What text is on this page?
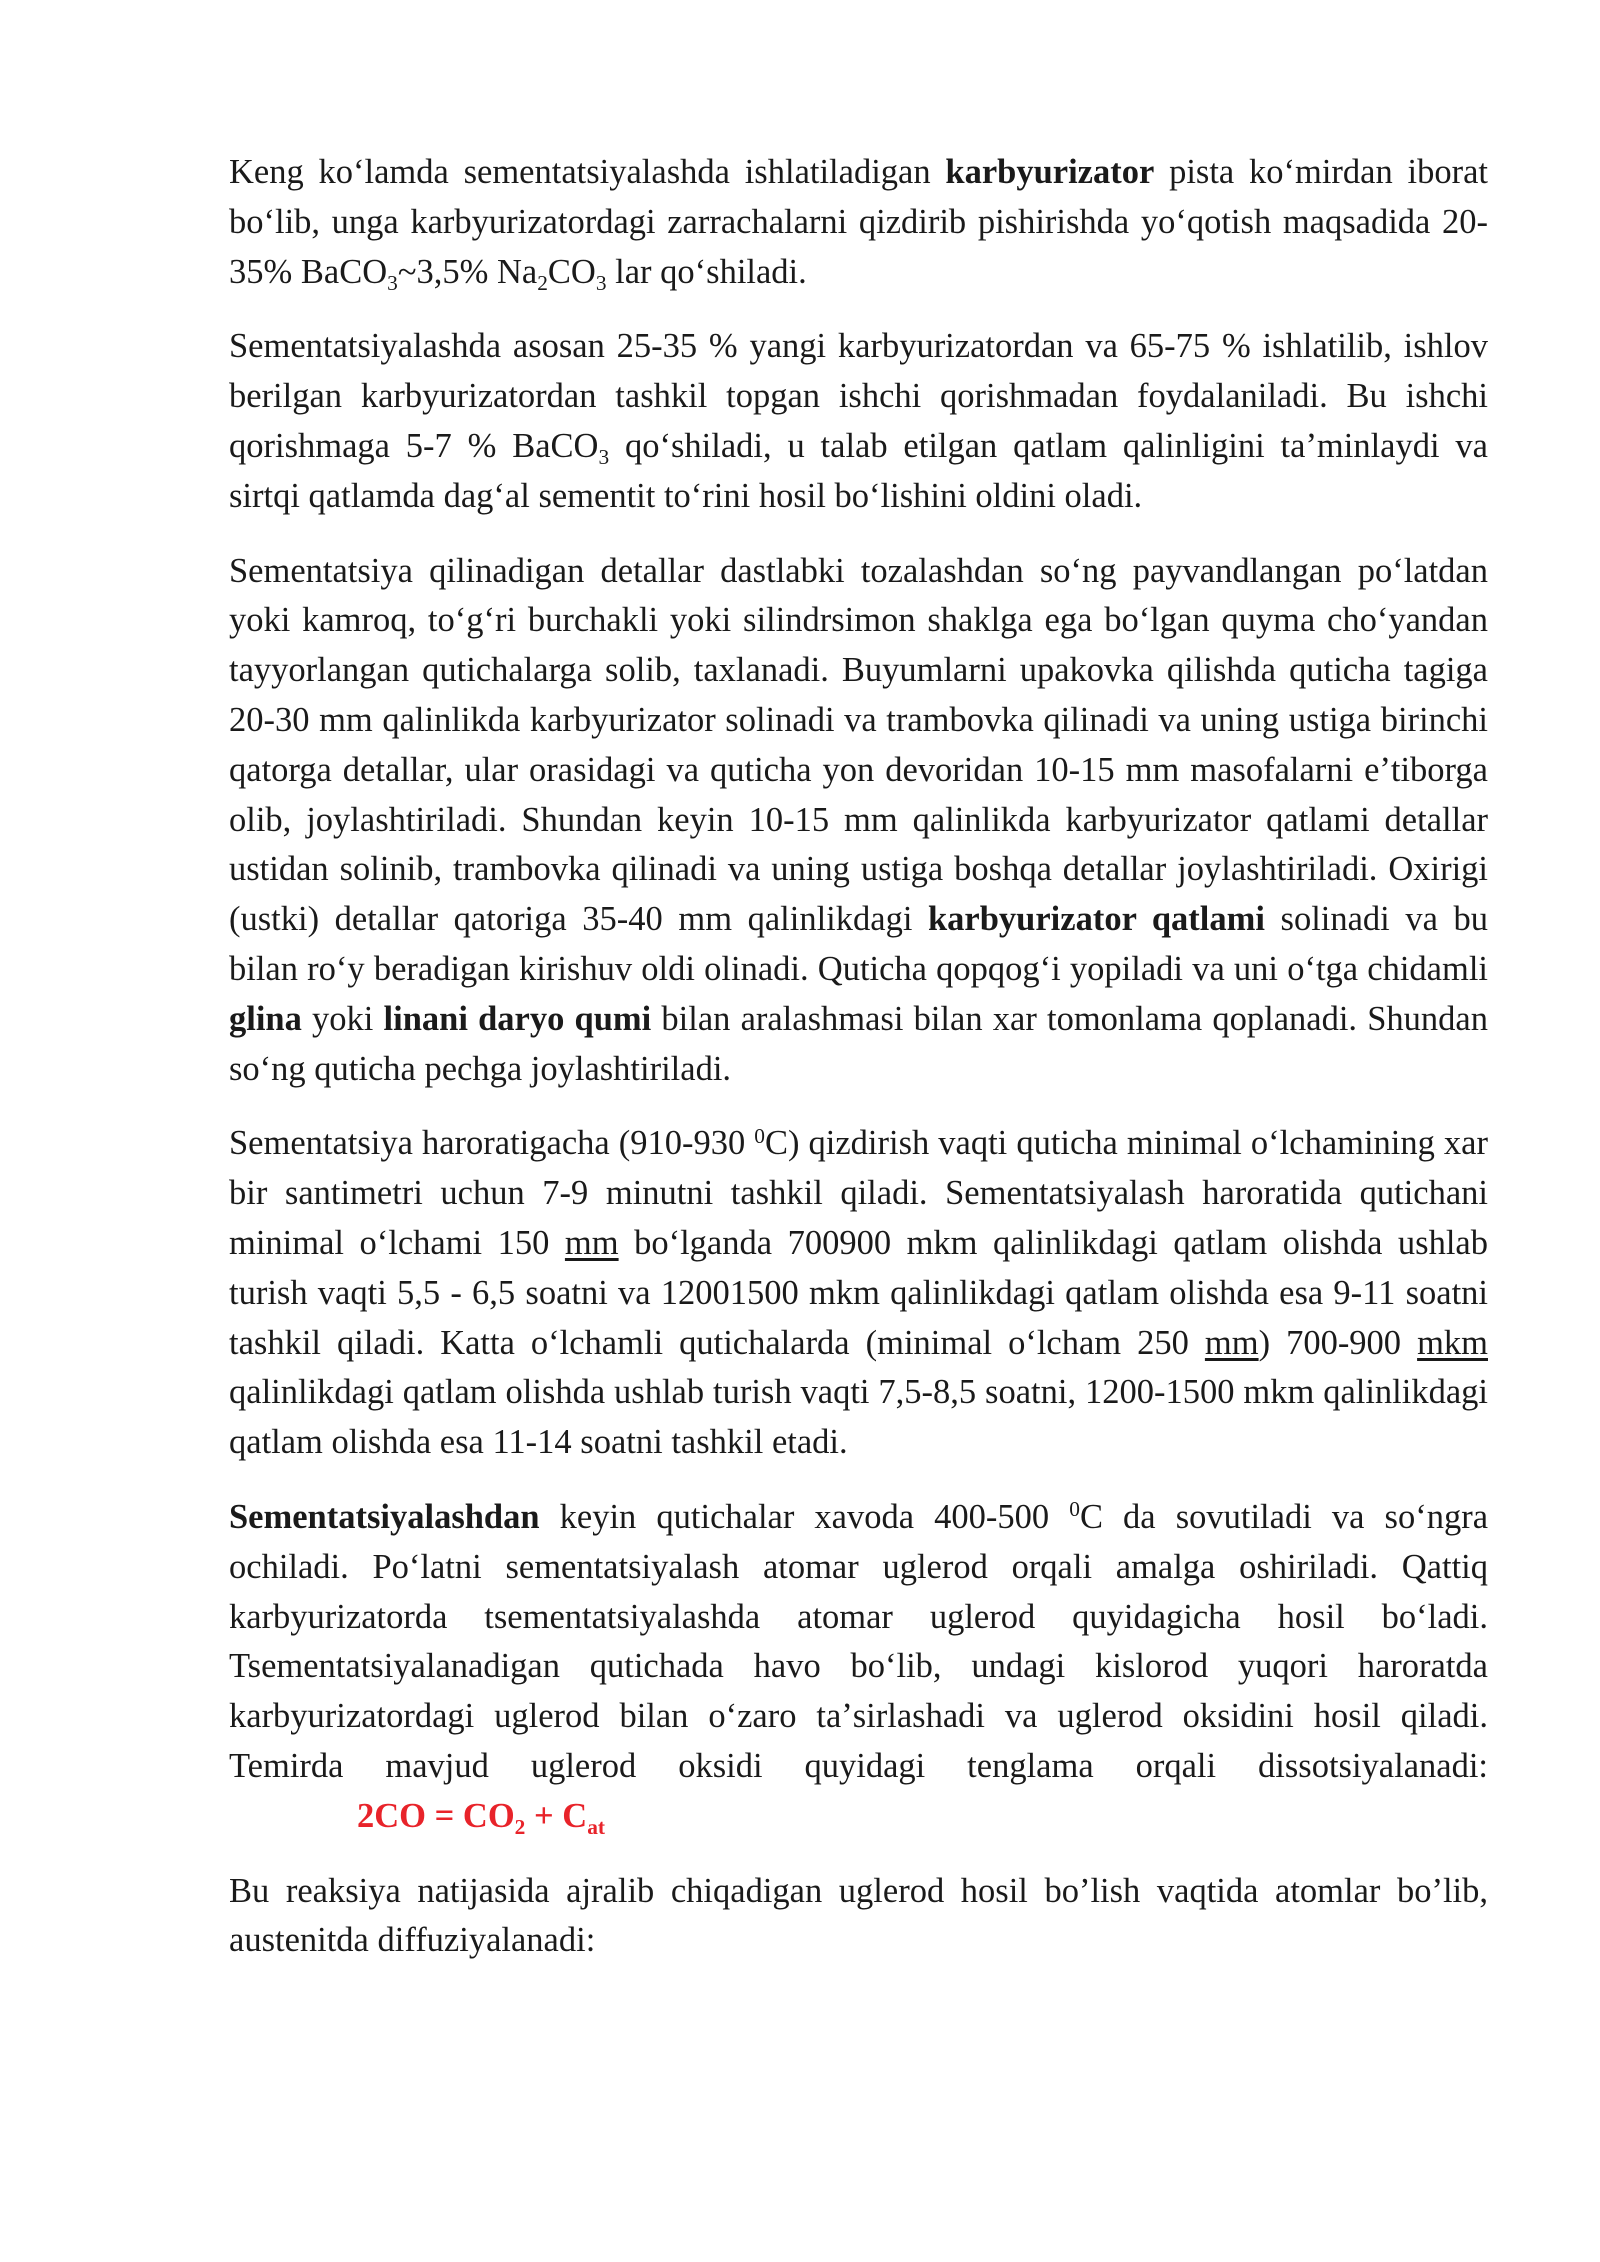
Keng koʻlamda sementatsiyalashda ishlatiladigan karbyurizator pista koʻmirdan iborat boʻlib, unga karbyurizatordagi zarrachalarni qizdirib pishirishda yoʻqotish maqsadida 20-35% BaCO$_3$~3,5% $Na_2CO_3$ lar qoʻshiladi.

Sementatsiyalashda asosan 25-35 % yangi karbyurizatordan va 65-75 % ishlatilib, ishlov berilgan karbyurizatordan tashkil topgan ishchi qorishmadan foydalaniladi. Bu ishchi qorishmaga 5-7 % BaCO$_3$ qoʻshiladi, u talab etilgan qatlam qalinligini taʼminlaydi va sirtqi qatlamda dagʻal sementit toʻrini hosil boʻlishini oldini oladi.

Sementatsiya qilinadigan detallar dastlabki tozalashdan soʻng payvandlangan poʻlatdan yoki kamroq, toʻgʻri burchakli yoki silindrsimon shaklga ega boʻlgan quyma choʻyandan tayyorlangan qutichalarga solib, taxlanadi. Buyumlarni upakovka qilishda quticha tagiga 20-30 mm qalinlikda karbyurizator solinadi va trambovka qilinadi va uning ustiga birinchi qatorga detallar, ular orasidagi va quticha yon devoridan 10-15 mm masofalarni eʼtiborga olib, joylashtiriladi. Shundan keyin 10-15 mm qalinlikda karbyurizator qatlami detallar ustidan solinib, trambovka qilinadi va uning ustiga boshqa detallar joylashtiriladi. Oxirigi (ustki) detallar qatoriga 35-40 mm qalinlikdagi karbyurizator qatlami solinadi va bu bilan roʻy beradigan kirishuv oldi olinadi. Quticha qopqogʻi yopiladi va uni oʻtga chidamli glina yoki linani daryo qumi bilan aralashmasi bilan xar tomonlama qoplanadi. Shundan soʻng quticha pechga joylashtiriladi.

Sementatsiya haroratigacha (910-930 $^0$C) qizdirish vaqti quticha minimal oʻlchamining xar bir santimetri uchun 7-9 minutni tashkil qiladi. Sementatsiyalash haroratida qutichani minimal oʻlchami 150 mm boʻlganda 700900 mkm qalinlikdagi qatlam olishda ushlab turish vaqti 5,5 - 6,5 soatni va 12001500 mkm qalinlikdagi qatlam olishda esa 9-11 soatni tashkil qiladi. Katta oʻlchamli qutichalarda (minimal oʻlcham 250 mm) 700-900 mkm qalinlikdagi qatlam olishda ushlab turish vaqti 7,5-8,5 soatni, 1200-1500 mkm qalinlikdagi qatlam olishda esa 11-14 soatni tashkil etadi.

Sementatsiyalashdan keyin qutichalar xavoda 400-500 $^0$C da sovutiladi va soʻngra ochiladi. Poʻlatni sementatsiyalash atomar uglerod orqali amalga oshiriladi. Qattiq karbyurizatorda tsementatsiyalashda atomar uglerod quyidagicha hosil boʻladi. Tsementatsiyalanadigan qutichada havo boʻlib, undagi kislorod yuqori haroratda karbyurizatordagi uglerod bilan oʻzaro taʼsirlashadi va uglerod oksidini hosil qiladi. Temirda mavjud uglerod oksidi quyidagi tenglama orqali dissotsiyalanadi:2CO = $CO_2 + C_{at}$

Bu reaksiya natijasida ajralib chiqadigan uglerod hosil bo’lish vaqtida atomlar bo’lib, austenitda diffuziyalanadi:
